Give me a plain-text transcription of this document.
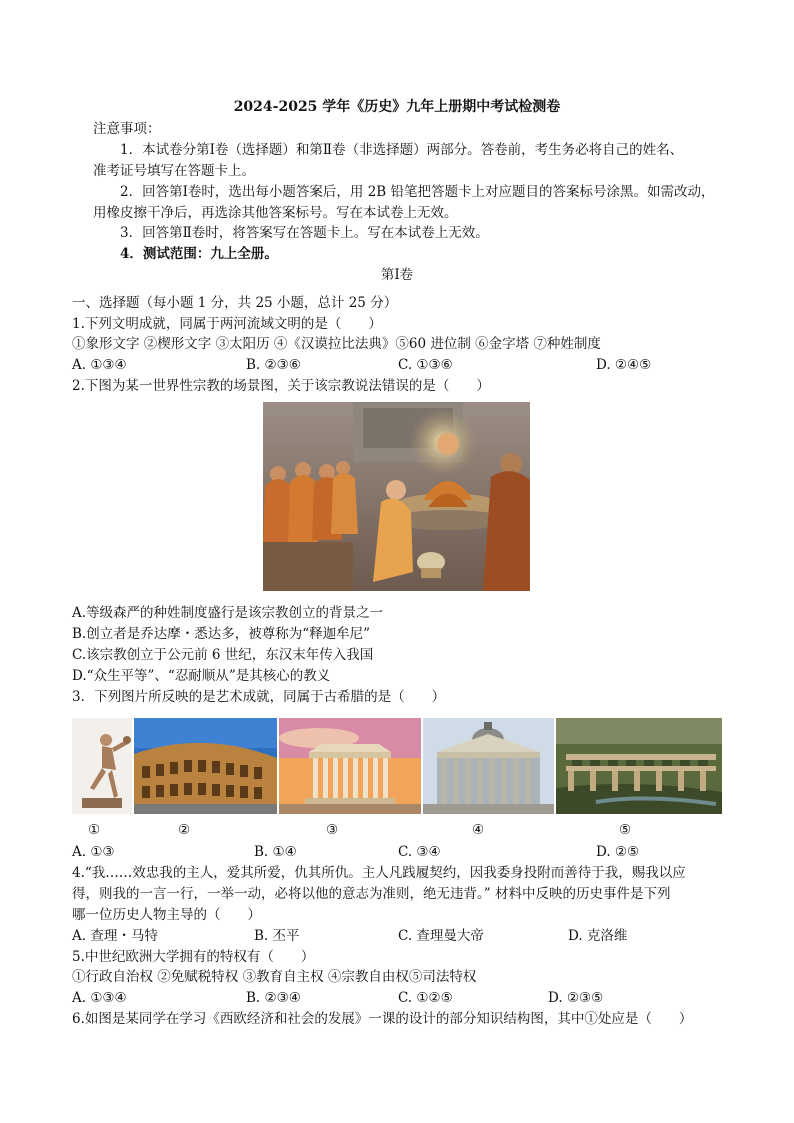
2024-2025 学年《历史》九年上册期中考试检测卷
注意事项：
1．本试卷分第Ⅰ卷（选择题）和第Ⅱ卷（非选择题）两部分。答卷前，考生务必将自己的姓名、
准考证号填写在答题卡上。
2．回答第Ⅰ卷时，选出每小题答案后，用 2B 铅笔把答题卡上对应题目的答案标号涂黑。如需改动，
用橡皮擦干净后，再选涂其他答案标号。写在本试卷上无效。
3．回答第Ⅱ卷时，将答案写在答题卡上。写在本试卷上无效。
4．测试范围：九上全册。
第Ⅰ卷
一、选择题（每小题 1 分，共 25 小题，总计 25 分）
1.下列文明成就，同属于两河流域文明的是（　　）
①象形文字 ②楔形文字 ③太阳历 ④《汉谟拉比法典》⑤60 进位制 ⑥金字塔 ⑦种姓制度
A. ①③④	B. ②③⑥	C. ①③⑥	D. ②④⑤
2.下图为某一世界性宗教的场景图，关于该宗教说法错误的是（　　）
A.等级森严的种姓制度盛行是该宗教创立的背景之一
B.创立者是乔达摩・悉达多，被尊称为“释迦牟尼”
C.该宗教创立于公元前 6 世纪，东汉末年传入我国
D.“众生平等”、“忍耐顺从”是其核心的教义
3．下列图片所反映的是艺术成就，同属于古希腊的是（　　）
①	②	③	④	⑤
A. ①③	B. ①④	C. ③④	D. ②⑤
4.“我……效忠我的主人，爱其所爱，仇其所仇。主人凡践履契约，因我委身投附而善待于我，赐我以应
得，则我的一言一行，一举一动，必将以他的意志为准则，绝无违背。” 材料中反映的历史事件是下列
哪一位历史人物主导的（　　）
A. 查理・马特	B. 丕平	C. 查理曼大帝	D. 克洛维
5.中世纪欧洲大学拥有的特权有（　　）
①行政自治权 ②免赋税特权 ③教育自主权 ④宗教自由权⑤司法特权
A. ①③④	B. ②③④	C. ①②⑤	D. ②③⑤
6.如图是某同学在学习《西欧经济和社会的发展》一课的设计的部分知识结构图，其中①处应是（　　）
